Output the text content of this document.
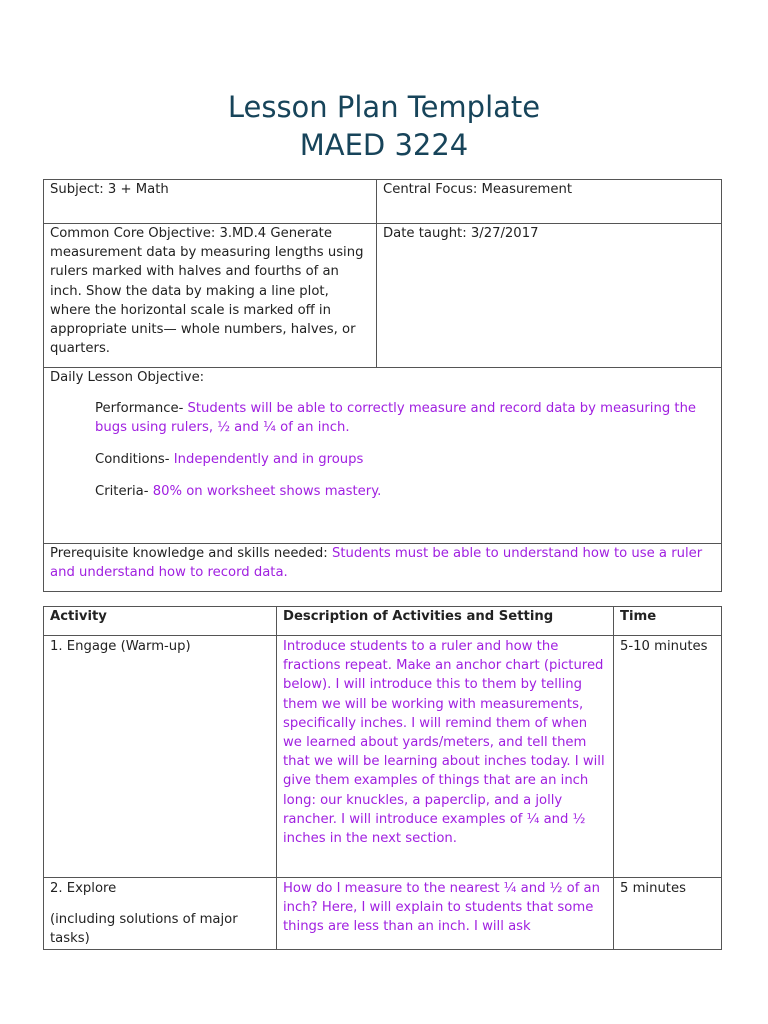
Lesson Plan Template
MAED 3224
Subject: 3 + Math	Central Focus: Measurement

Common Core Objective: 3.MD.4 Generate measurement data by measuring lengths using rulers marked with halves and fourths of an inch. Show the data by making a line plot, where the horizontal scale is marked off in appropriate units— whole numbers, halves, or quarters.	Date taught: 3/27/2017

Daily Lesson Objective:

Performance- Students will be able to correctly measure and record data by measuring the bugs using rulers, ½ and ¼ of an inch.

Conditions- Independently and in groups

Criteria- 80% on worksheet shows mastery.	

Prerequisite knowledge and skills needed: Students must be able to understand how to use a ruler and understand how to record data.	
Activity	Description of Activities and Setting	Time

1. Engage (Warm-up)	Introduce students to a ruler and how the fractions repeat. Make an anchor chart (pictured below). I will introduce this to them by telling them we will be working with measurements, specifically inches. I will remind them of when we learned about yards/meters, and tell them that we will be learning about inches today. I will give them examples of things that are an inch long: our knuckles, a paperclip, and a jolly rancher. I will introduce examples of ¼ and ½ inches in the next section.	5-10 minutes
2. Explore
(including solutions of major tasks)	How do I measure to the nearest ¼ and ½ of an inch? Here, I will explain to students that some things are less than an inch. I will ask	5 minutes
